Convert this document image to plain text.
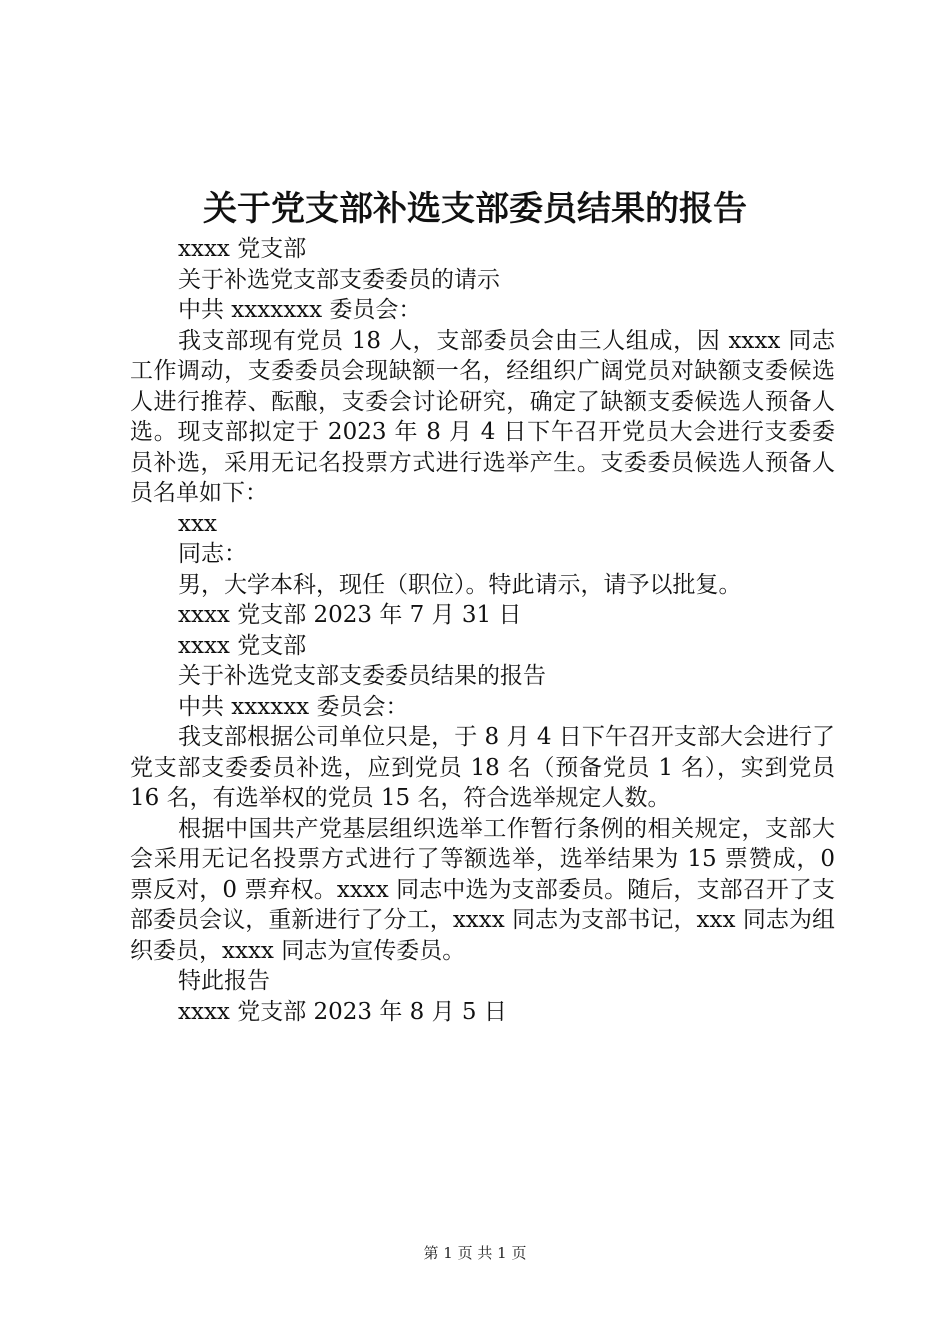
关于党支部补选支部委员结果的报告
xxxx 党支部
关于补选党支部支委委员的请示
中共 xxxxxxx 委员会：

我支部现有党员 18 人，支部委员会由三人组成，因 xxxx 同志工作调动，支委委员会现缺额一名，经组织广阔党员对缺额支委候选人进行推荐、酝酿，支委会讨论研究，确定了缺额支委候选人预备人选。现支部拟定于 2023 年 8 月 4 日下午召开党员大会进行支委委员补选，采用无记名投票方式进行选举产生。支委委员候选人预备人员名单如下：

xxx
同志：
男，大学本科，现任（职位）。特此请示，请予以批复。
xxxx 党支部 2023 年 7 月 31 日
xxxx 党支部
关于补选党支部支委委员结果的报告
中共 xxxxxx 委员会：

我支部根据公司单位只是，于 8 月 4 日下午召开支部大会进行了党支部支委委员补选，应到党员 18 名（预备党员 1 名），实到党员 16 名，有选举权的党员 15 名，符合选举规定人数。

根据中国共产党基层组织选举工作暂行条例的相关规定，支部大会采用无记名投票方式进行了等额选举，选举结果为 15 票赞成，0 票反对，0 票弃权。xxxx 同志中选为支部委员。随后，支部召开了支部委员会议，重新进行了分工，xxxx 同志为支部书记，xxx 同志为组织委员，xxxx 同志为宣传委员。

特此报告
xxxx 党支部 2023 年 8 月 5 日
第 1 页 共 1 页
